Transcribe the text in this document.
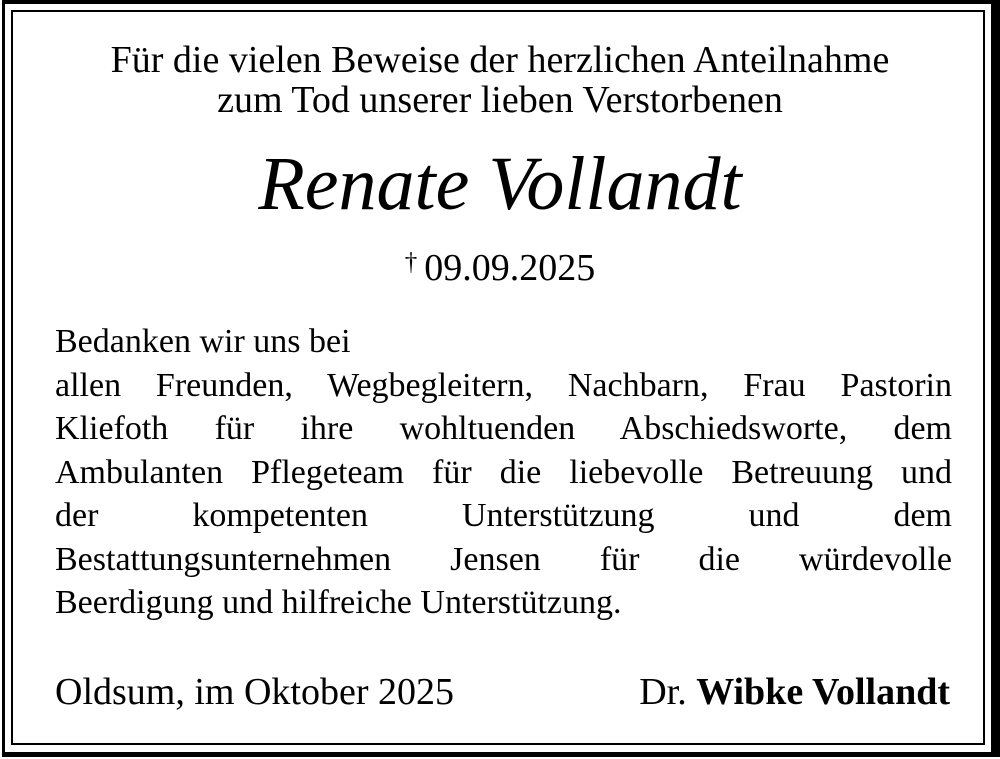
Für die vielen Beweise der herzlichen Anteilnahme
zum Tod unserer lieben Verstorbenen
Renate Vollandt
† 09.09.2025
Bedanken wir uns bei
allen Freunden, Wegbegleitern, Nachbarn, Frau Pastorin
Kliefoth für ihre wohltuenden Abschiedsworte, dem
Ambulanten Pflegeteam für die liebevolle Betreuung und
der kompetenten Unterstützung und dem
Bestattungsunternehmen Jensen für die würdevolle
Beerdigung und hilfreiche Unterstützung.
Oldsum, im Oktober 2025	Dr. Wibke Vollandt
